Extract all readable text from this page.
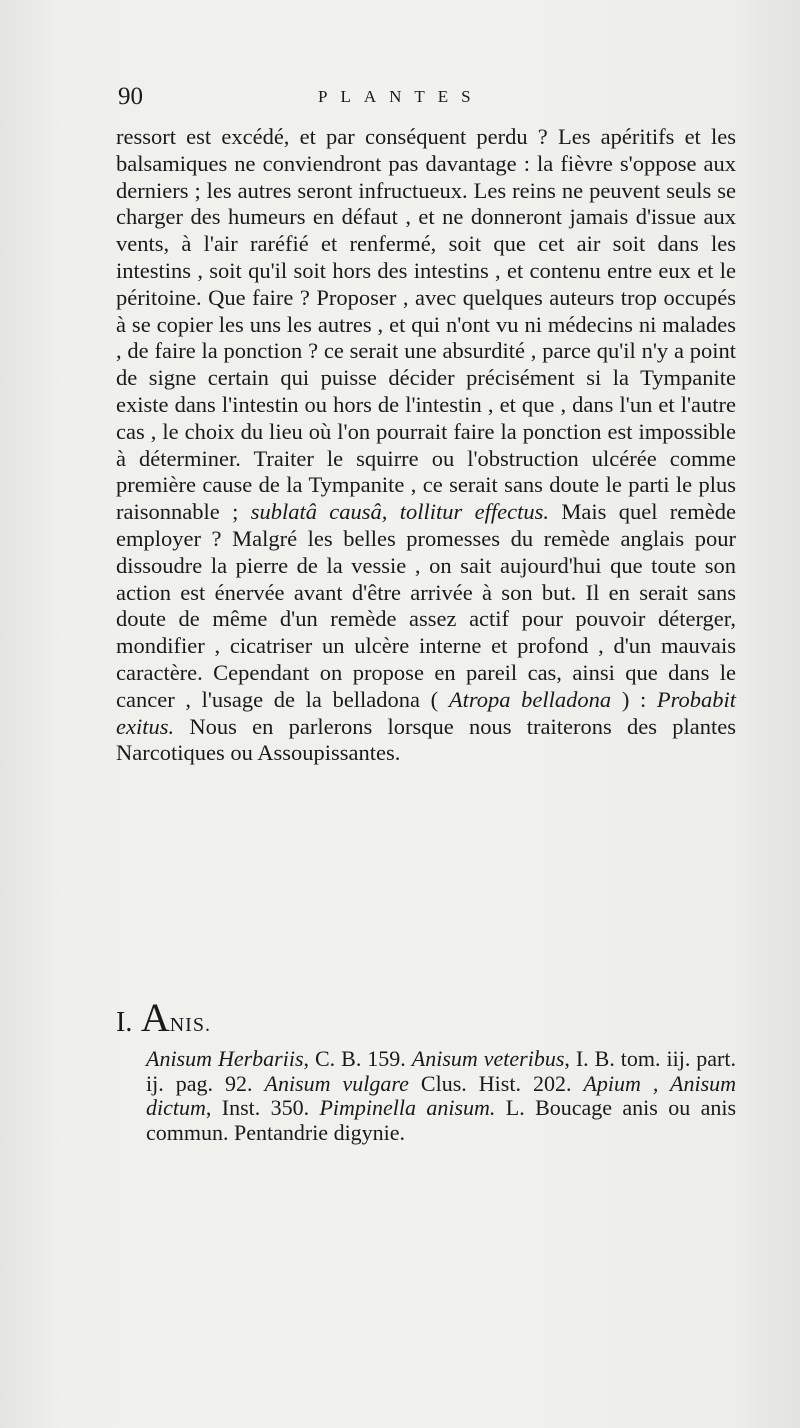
90	PLANTES

ressort est excédé, et par conséquent perdu ? Les apéritifs et les balsamiques ne conviendront pas davantage : la fièvre s'oppose aux derniers ; les autres seront infructueux. Les reins ne peuvent seuls se charger des humeurs en défaut , et ne donneront jamais d'issue aux vents, à l'air raréfié et renfermé, soit que cet air soit dans les intestins , soit qu'il soit hors des intestins , et contenu entre eux et le péritoine. Que faire ? Proposer , avec quelques auteurs trop occupés à se copier les uns les autres , et qui n'ont vu ni médecins ni malades , de faire la ponction ? ce serait une absurdité , parce qu'il n'y a point de signe certain qui puisse décider précisément si la Tympanite existe dans l'intestin ou hors de l'intestin , et que , dans l'un et l'autre cas , le choix du lieu où l'on pourrait faire la ponction est impossible à déterminer. Traiter le squirre ou l'obstruction ulcérée comme première cause de la Tympanite , ce serait sans doute le parti le plus raisonnable ; sublatâ causâ, tollitur effectus. Mais quel remède employer ? Malgré les belles promesses du remède anglais pour dissoudre la pierre de la vessie , on sait aujourd'hui que toute son action est énervée avant d'être arrivée à son but. Il en serait sans doute de même d'un remède assez actif pour pouvoir déterger, mondifier , cicatriser un ulcère interne et profond , d'un mauvais caractère. Cependant on propose en pareil cas, ainsi que dans le cancer , l'usage de la belladona ( Atropa belladona ) : Probabit exitus. Nous en parlerons lorsque nous traiterons des plantes Narcotiques ou Assoupissantes.

I. ANIS.

Anisum Herbariis, C. B. 159. Anisum veteribus, I. B. tom. iij. part. ij. pag. 92. Anisum vulgare Clus. Hist. 202. Apium , Anisum dictum, Inst. 350. Pimpinella anisum. L. Boucage anis ou anis commun. Pentandrie digynie.
